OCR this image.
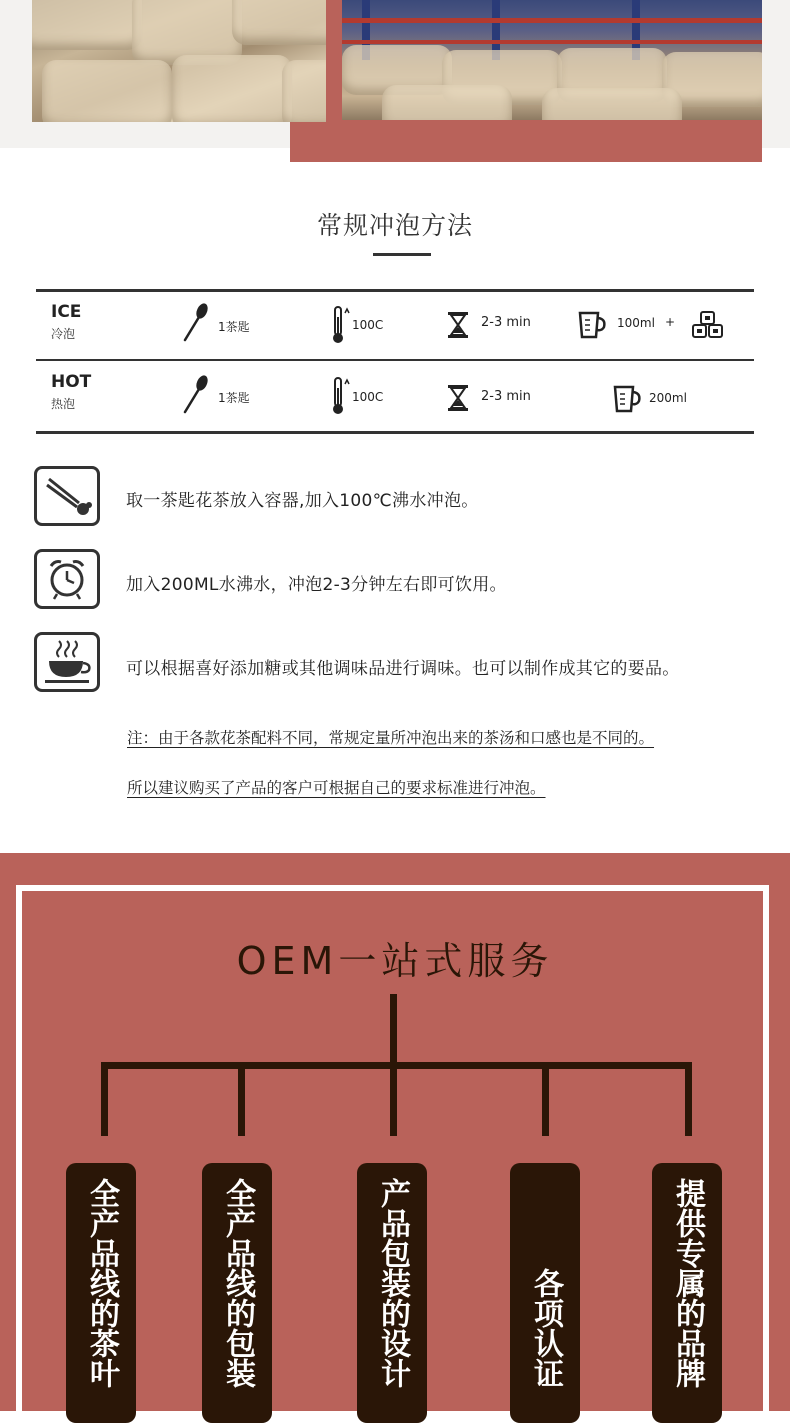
常规冲泡方法
ICE
冷泡	1茶匙	100C	2-3 min	100ml +
HOT
热泡	1茶匙	100C	2-3 min	200ml
取一茶匙花茶放入容器,加入100℃沸水冲泡。
加入200ML水沸水，冲泡2-3分钟左右即可饮用。
可以根据喜好添加糖或其他调味品进行调味。也可以制作成其它的要品。
注：由于各款花茶配料不同，常规定量所冲泡出来的茶汤和口感也是不同的。
所以建议购买了产品的客户可根据自己的要求标准进行冲泡。
OEM一站式服务
全产品线的茶叶	全产品线的包装	产品包装的设计	各项认证	提供专属的品牌
